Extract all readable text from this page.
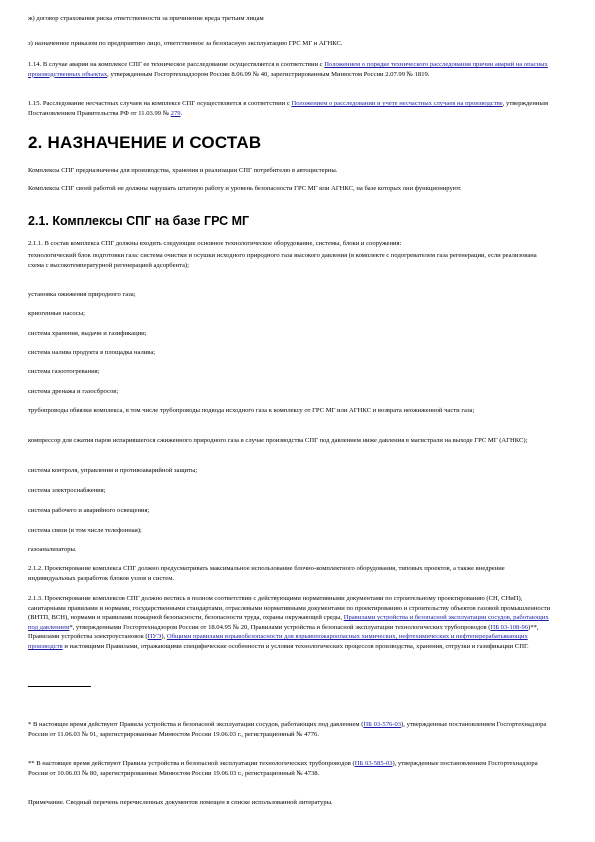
ж) договор страхования риска ответственности за причинение вреда третьим лицам

з) назначенное приказом по предприятию лицо, ответственное за безопасную эксплуатацию ГРС МГ и АГНКС.

1.14. В случае аварии на комплексе СПГ ее техническое расследование осуществляется в соответствии с Положением о порядке технического расследования причин аварий на опасных производственных объектах, утвержденным Госгортехнадзором России 8.06.99 № 40, зарегистрированным Минюстом России 2.07.99 № 1819.

1.15. Расследование несчастных случаев на комплексе СПГ осуществляется в соответствии с Положением о расследовании и учете несчастных случаев на производстве, утвержденным Постановлением Правительства РФ от 11.03.99 № 279.

2. НАЗНАЧЕНИЕ И СОСТАВ

Комплексы СПГ предназначены для производства, хранения и реализации СПГ потребителю в автоцистерны.

Комплексы СПГ своей работой не должны нарушать штатную работу и уровень безопасности ГРС МГ или АГНКС, на базе которых они функционируют.

2.1. Комплексы СПГ на базе ГРС МГ

2.1.1. В состав комплекса СПГ должны входить следующие основное технологическое оборудование, системы, блоки и сооружения:

технологический блок подготовки газа: система очистки и осушки исходного природного газа высокого давления (в комплекте с подогревателем газа регенерации, если реализована схема с высокотемпературной регенерацией адсорбента);

установка ожижения природного газа;

криогенные насосы;

система хранения, выдачи и газификации;

система налива продукта в площадка налива;

система газоотогревания;

система дренажа и газосбросов;

трубопроводы обвязки комплекса, в том числе трубопроводы подвода исходного газа к комплексу от ГРС МГ или АГНКС и возврата неожиженной части газа;

компрессор для сжатия паров испарившегося сжиженного природного газа в случае производства СПГ под давлением ниже давления в магистрали на выходе ГРС МГ (АГНКС);

система контроля, управления и противоаварийной защиты;

система электроснабжения;

система рабочего и аварийного освещения;

система связи (в том числе телефонная);

газоанализаторы.

2.1.2. Проектирование комплекса СПГ должно предусматривать максимальное использование блочно-комплектного оборудования, типовых проектов, а также внедрение индивидуальных разработок блоков узлов и систем.

2.1.3. Проектирование комплексов СПГ должно вестись в полном соответствии с действующими нормативными документами по строительному проектированию (СН, СНиП), санитарными правилами и нормами, государственными стандартами, отраслевыми нормативными документами по проектированию и строительству объектов газовой промышленности (ВНТП, ВСН), нормами и правилами пожарной безопасности, безопасности труда, охраны окружающей среды, Правилами устройства и безопасной эксплуатации сосудов, работающих под давлением*, утвержденными Госгортехнадзором России от 18.04.95 № 20, Правилами устройства и безопасной эксплуатации технологических трубопроводов (ПБ 03-108-96)**, Правилами устройства электроустановок (ПУЭ), Общими правилами взрывобезопасности для взрывопожароопасных химических, нефтехимических и нефтеперерабатывающих производств и настоящими Правилами, отражающими специфические особенности и условия технологических процессов производства, хранения, отгрузки и газификации СПГ.

* В настоящее время действуют Правила устройства и безопасной эксплуатации сосудов, работающих под давлением (ПБ 03-576-03), утвержденные постановлением Госгортехнадзора России от 11.06.03 № 91, зарегистрированные Минюстом России 19.06.03 г., регистрационный № 4776.

** В настоящее время действуют Правила устройства и безопасной эксплуатации технологических трубопроводов (ПБ 03-585-03), утвержденные постановлением Госгортехнадзора России от 10.06.03 № 80, зарегистрированные Минюстом России 19.06.03 г., регистрационный № 4738.

Примечание. Сводный перечень перечисленных документов помещен в списке использованной литературы.
